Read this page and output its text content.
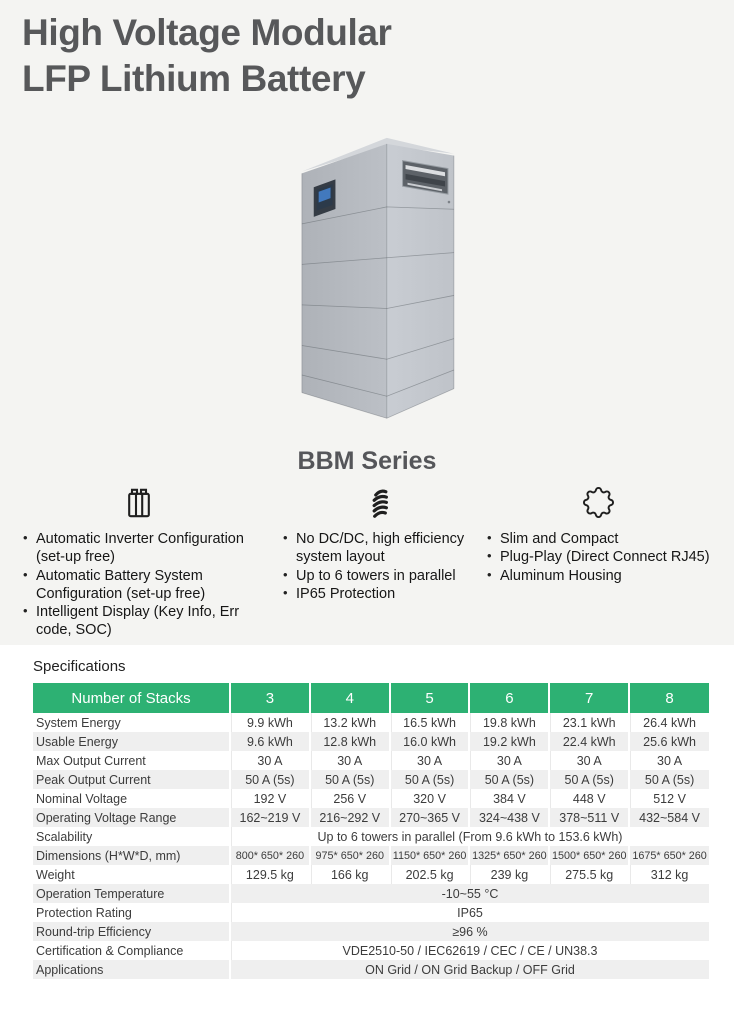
High Voltage Modular
LFP Lithium Battery
BBM Series
• Automatic Inverter Configuration (set-up free)
• Automatic Battery System Configuration (set-up free)
• Intelligent Display (Key Info, Err code, SOC)
• No DC/DC, high efficiency system layout
• Up to 6 towers in parallel
• IP65 Protection
• Slim and Compact
• Plug-Play (Direct Connect RJ45)
• Aluminum Housing
Specifications
Number of Stacks	3	4	5	6	7	8
System Energy	9.9 kWh	13.2 kWh	16.5 kWh	19.8 kWh	23.1 kWh	26.4 kWh
Usable Energy	9.6 kWh	12.8 kWh	16.0 kWh	19.2 kWh	22.4 kWh	25.6 kWh
Max Output Current	30 A	30 A	30 A	30 A	30 A	30 A
Peak Output Current	50 A (5s)	50 A (5s)	50 A (5s)	50 A (5s)	50 A (5s)	50 A (5s)
Nominal Voltage	192 V	256 V	320 V	384 V	448 V	512 V
Operating Voltage Range	162~219 V	216~292 V	270~365 V	324~438 V	378~511 V	432~584 V
Scalability	Up to 6 towers in parallel (From 9.6 kWh to 153.6 kWh)					
Dimensions (H*W*D, mm)	800* 650* 260	975* 650* 260	1150* 650* 260	1325* 650* 260	1500* 650* 260	1675* 650* 260
Weight	129.5 kg	166 kg	202.5 kg	239 kg	275.5 kg	312 kg
Operation Temperature	-10~55 °C					
Protection Rating	IP65					
Round-trip Efficiency	≥96 %					
Certification & Compliance	VDE2510-50 / IEC62619 / CEC / CE / UN38.3					
Applications	ON Grid / ON Grid Backup / OFF Grid					
